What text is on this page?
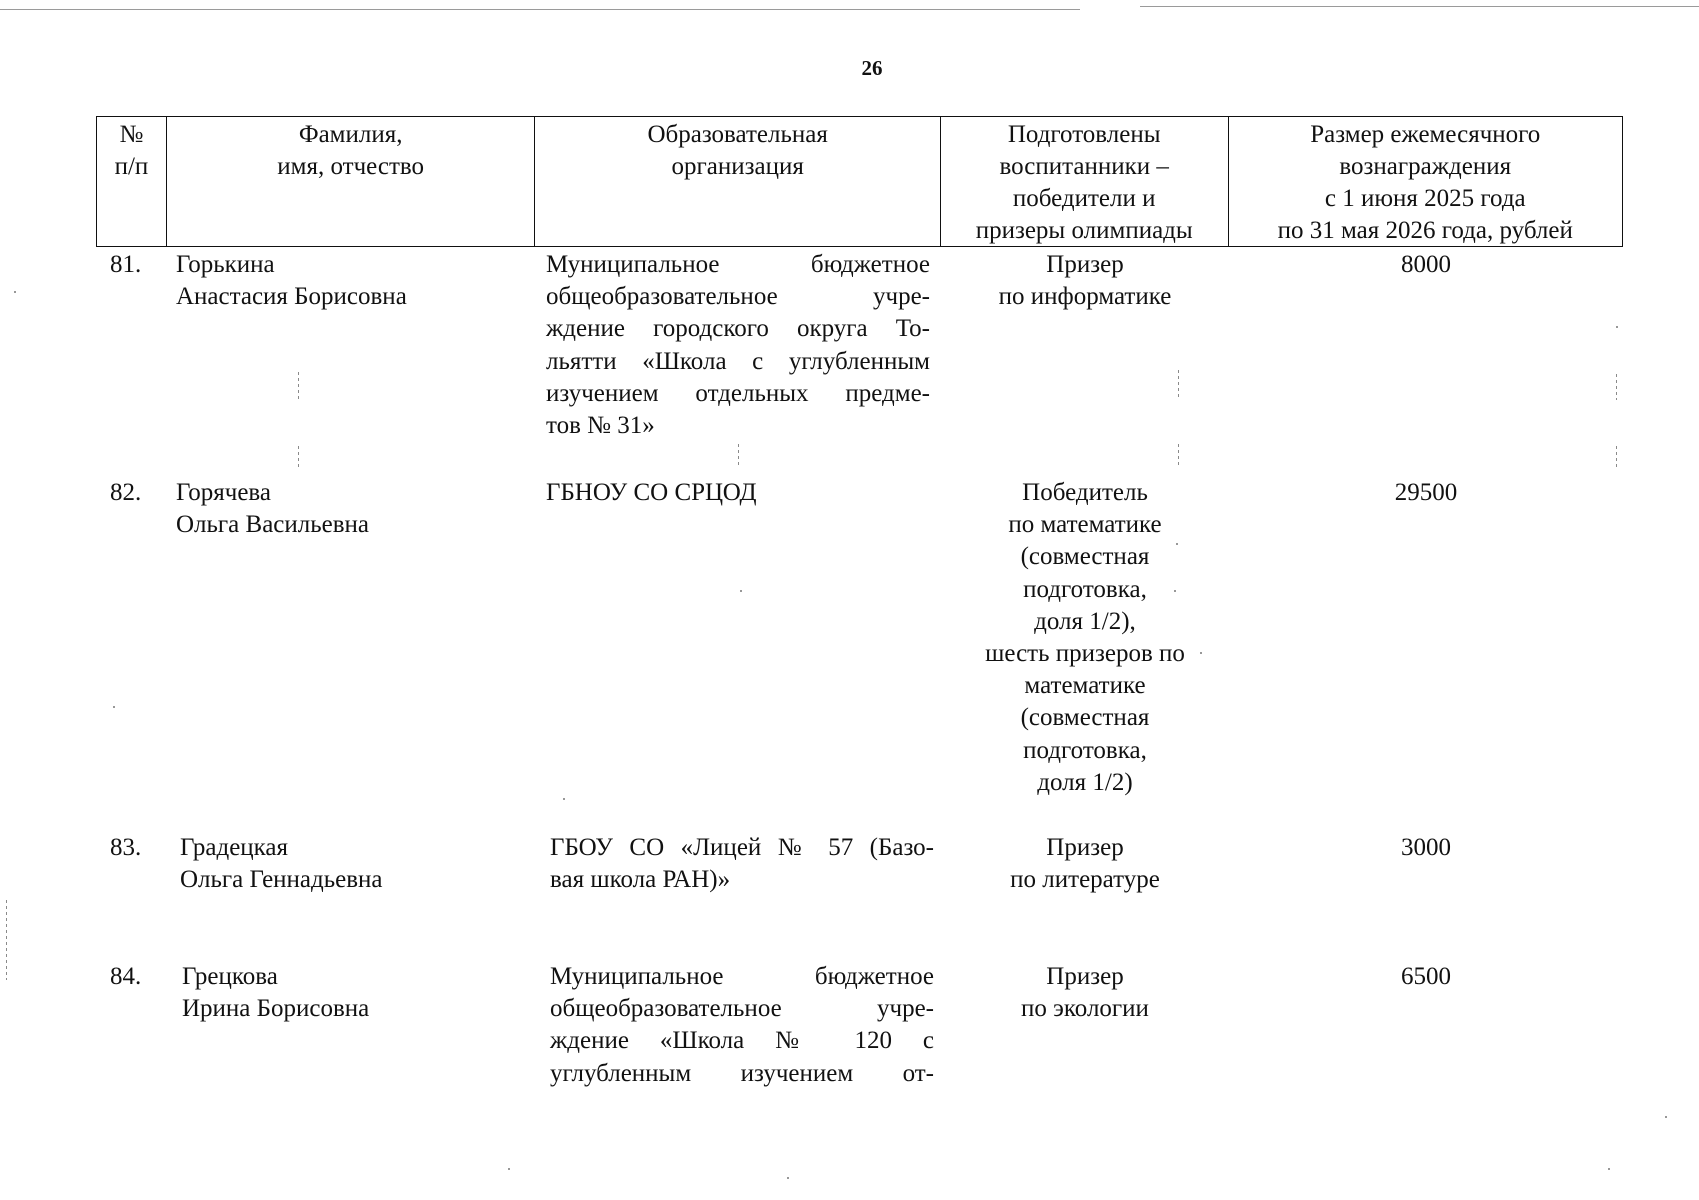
26
№
п/п
Фамилия,
имя, отчество
Образовательная
организация
Подготовлены
воспитанники –
победители и
призеры олимпиады
Размер ежемесячного
вознаграждения
с 1 июня 2025 года
по 31 мая 2026 года, рублей
81. Горькина
Анастасия Борисовна
Муниципальное бюджетное
общеобразовательное учре-
ждение городского округа То-
льятти «Школа с углубленным
изучением отдельных предме-
тов № 31»
Призер
по информатике
8000
82. Горячева
Ольга Васильевна
ГБНОУ СО СРЦОД	Победитель
по математике
(совместная
подготовка,
доля 1/2),
шесть призеров по
математике
(совместная
подготовка,
доля 1/2)
29500
83. Градецкая
Ольга Геннадьевна
ГБОУ СО «Лицей № 57 (Базо-
вая школа РАН)»
Призер
по литературе
3000
84. Грецкова
Ирина Борисовна
Муниципальное бюджетное
общеобразовательное учре-
ждение «Школа № 120 с
углубленным изучением от-
Призер
по экологии
6500
